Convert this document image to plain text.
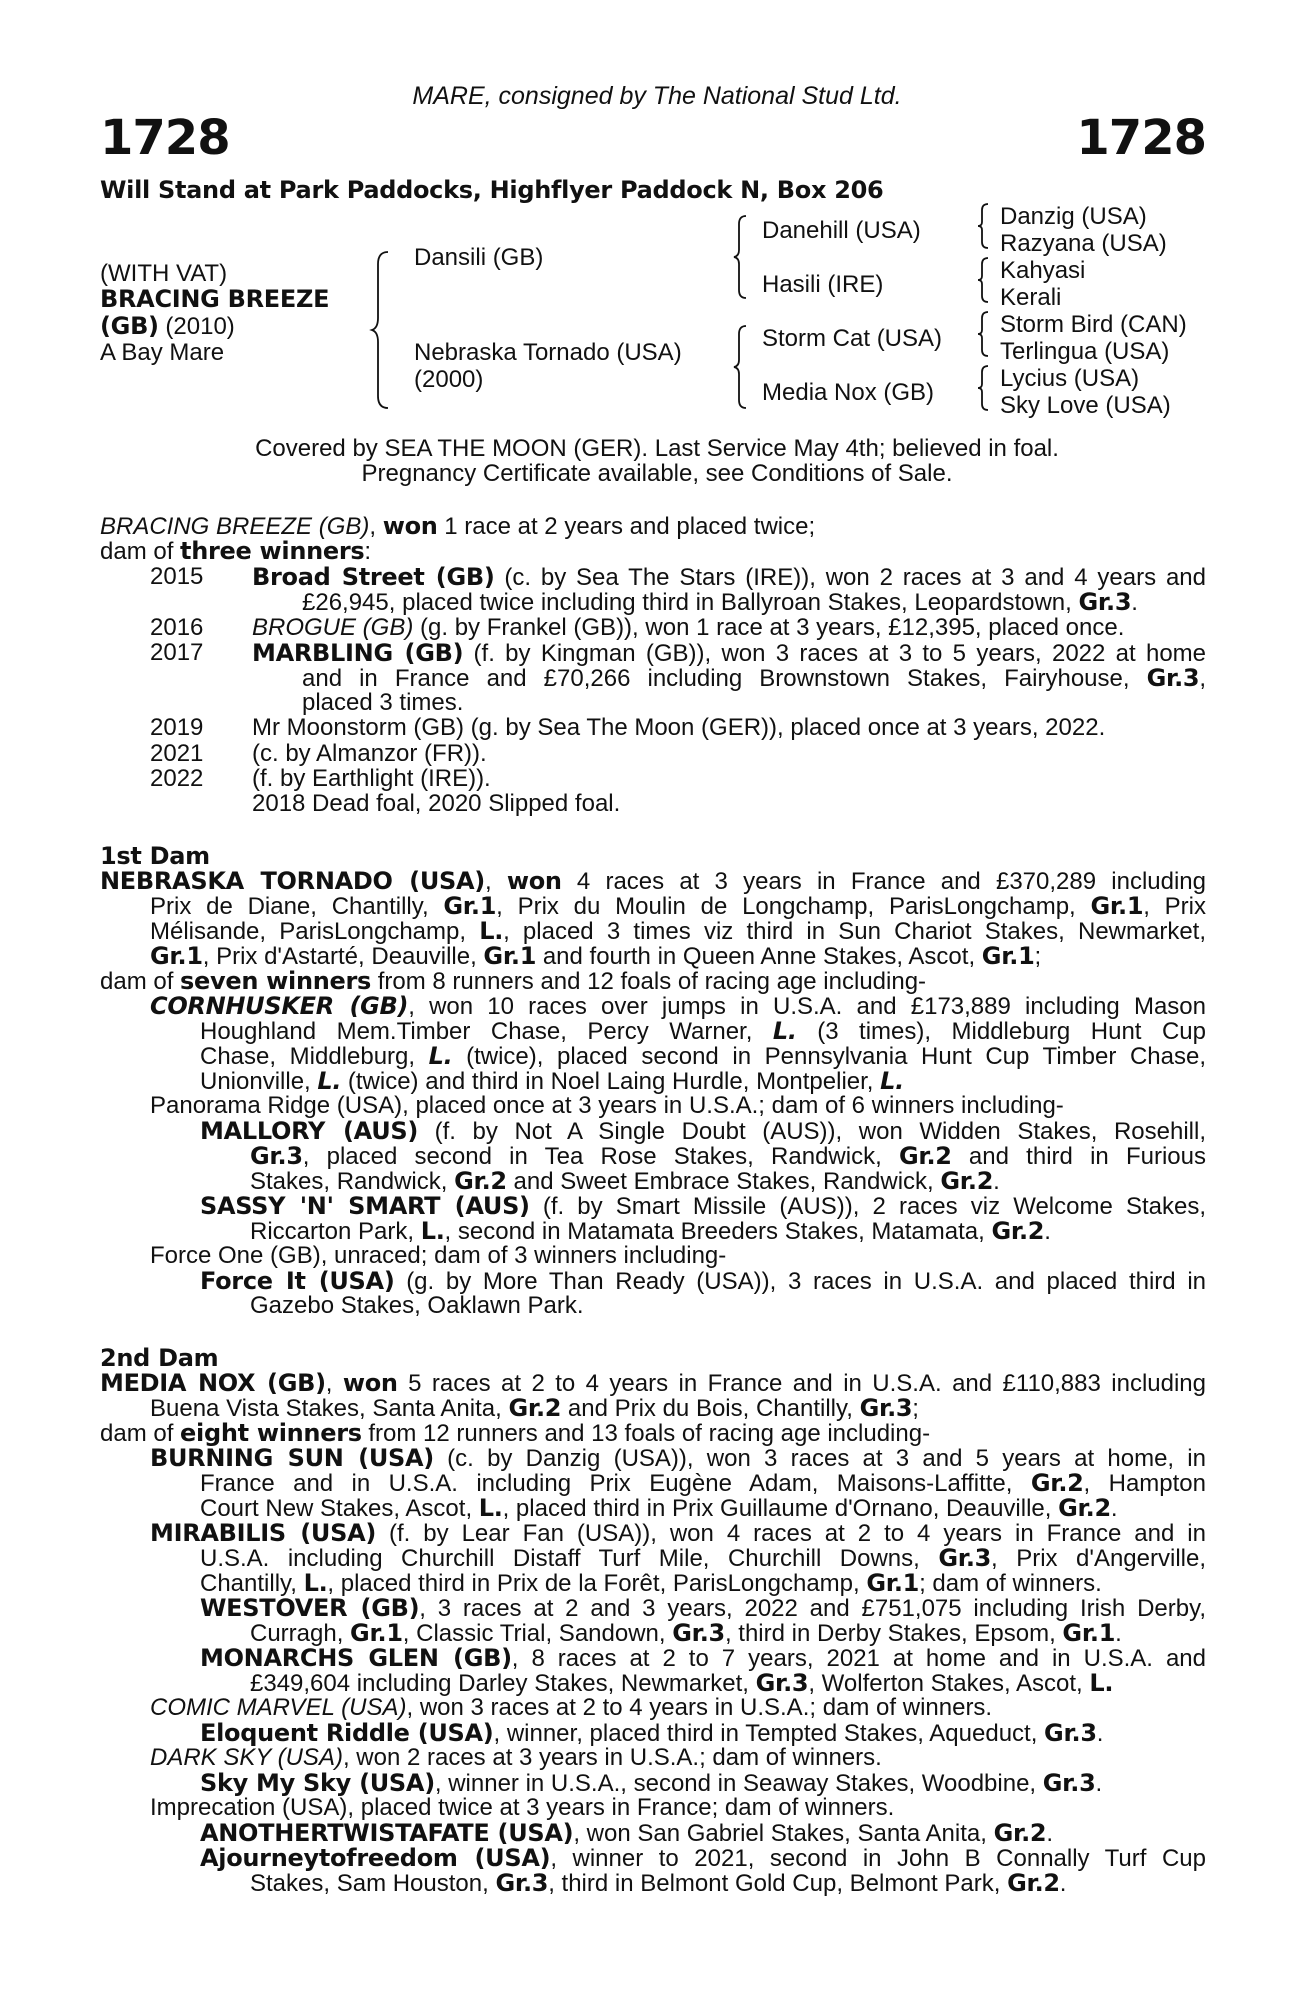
MARE, consigned by The National Stud Ltd.
1728	1728
Will Stand at Park Paddocks, Highflyer Paddock N, Box 206
(WITH VAT)
BRACING BREEZE
(GB) (2010)
A Bay Mare
Dansili (GB)
Nebraska Tornado (USA)
(2000)
Danehill (USA)
Hasili (IRE)
Storm Cat (USA)
Media Nox (GB)
Danzig (USA)
Razyana (USA)
Kahyasi
Kerali
Storm Bird (CAN)
Terlingua (USA)
Lycius (USA)
Sky Love (USA)
Covered by SEA THE MOON (GER). Last Service May 4th; believed in foal.
Pregnancy Certificate available, see Conditions of Sale.
BRACING BREEZE (GB), won 1 race at 2 years and placed twice;
dam of three winners:
2015 Broad Street (GB) (c. by Sea The Stars (IRE)), won 2 races at 3 and 4 years and
£26,945, placed twice including third in Ballyroan Stakes, Leopardstown, Gr.3.
2016 BROGUE (GB) (g. by Frankel (GB)), won 1 race at 3 years, £12,395, placed once.
2017 MARBLING (GB) (f. by Kingman (GB)), won 3 races at 3 to 5 years, 2022 at home
and in France and £70,266 including Brownstown Stakes, Fairyhouse, Gr.3,
placed 3 times.
2019 Mr Moonstorm (GB) (g. by Sea The Moon (GER)), placed once at 3 years, 2022.
2021 (c. by Almanzor (FR)).
2022 (f. by Earthlight (IRE)).
2018 Dead foal, 2020 Slipped foal.
1st Dam
NEBRASKA TORNADO (USA), won 4 races at 3 years in France and £370,289 including
Prix de Diane, Chantilly, Gr.1, Prix du Moulin de Longchamp, ParisLongchamp, Gr.1, Prix
Mélisande, ParisLongchamp, L., placed 3 times viz third in Sun Chariot Stakes, Newmarket,
Gr.1, Prix d'Astarté, Deauville, Gr.1 and fourth in Queen Anne Stakes, Ascot, Gr.1;
dam of seven winners from 8 runners and 12 foals of racing age including-
CORNHUSKER (GB), won 10 races over jumps in U.S.A. and £173,889 including Mason
Houghland Mem.Timber Chase, Percy Warner, L. (3 times), Middleburg Hunt Cup
Chase, Middleburg, L. (twice), placed second in Pennsylvania Hunt Cup Timber Chase,
Unionville, L. (twice) and third in Noel Laing Hurdle, Montpelier, L.
Panorama Ridge (USA), placed once at 3 years in U.S.A.; dam of 6 winners including-
MALLORY (AUS) (f. by Not A Single Doubt (AUS)), won Widden Stakes, Rosehill,
Gr.3, placed second in Tea Rose Stakes, Randwick, Gr.2 and third in Furious
Stakes, Randwick, Gr.2 and Sweet Embrace Stakes, Randwick, Gr.2.
SASSY 'N' SMART (AUS) (f. by Smart Missile (AUS)), 2 races viz Welcome Stakes,
Riccarton Park, L., second in Matamata Breeders Stakes, Matamata, Gr.2.
Force One (GB), unraced; dam of 3 winners including-
Force It (USA) (g. by More Than Ready (USA)), 3 races in U.S.A. and placed third in
Gazebo Stakes, Oaklawn Park.
2nd Dam
MEDIA NOX (GB), won 5 races at 2 to 4 years in France and in U.S.A. and £110,883 including
Buena Vista Stakes, Santa Anita, Gr.2 and Prix du Bois, Chantilly, Gr.3;
dam of eight winners from 12 runners and 13 foals of racing age including-
BURNING SUN (USA) (c. by Danzig (USA)), won 3 races at 3 and 5 years at home, in
France and in U.S.A. including Prix Eugène Adam, Maisons-Laffitte, Gr.2, Hampton
Court New Stakes, Ascot, L., placed third in Prix Guillaume d'Ornano, Deauville, Gr.2.
MIRABILIS (USA) (f. by Lear Fan (USA)), won 4 races at 2 to 4 years in France and in
U.S.A. including Churchill Distaff Turf Mile, Churchill Downs, Gr.3, Prix d'Angerville,
Chantilly, L., placed third in Prix de la Forêt, ParisLongchamp, Gr.1; dam of winners.
WESTOVER (GB), 3 races at 2 and 3 years, 2022 and £751,075 including Irish Derby,
Curragh, Gr.1, Classic Trial, Sandown, Gr.3, third in Derby Stakes, Epsom, Gr.1.
MONARCHS GLEN (GB), 8 races at 2 to 7 years, 2021 at home and in U.S.A. and
£349,604 including Darley Stakes, Newmarket, Gr.3, Wolferton Stakes, Ascot, L.
COMIC MARVEL (USA), won 3 races at 2 to 4 years in U.S.A.; dam of winners.
Eloquent Riddle (USA), winner, placed third in Tempted Stakes, Aqueduct, Gr.3.
DARK SKY (USA), won 2 races at 3 years in U.S.A.; dam of winners.
Sky My Sky (USA), winner in U.S.A., second in Seaway Stakes, Woodbine, Gr.3.
Imprecation (USA), placed twice at 3 years in France; dam of winners.
ANOTHERTWISTAFATE (USA), won San Gabriel Stakes, Santa Anita, Gr.2.
Ajourneytofreedom (USA), winner to 2021, second in John B Connally Turf Cup
Stakes, Sam Houston, Gr.3, third in Belmont Gold Cup, Belmont Park, Gr.2.
